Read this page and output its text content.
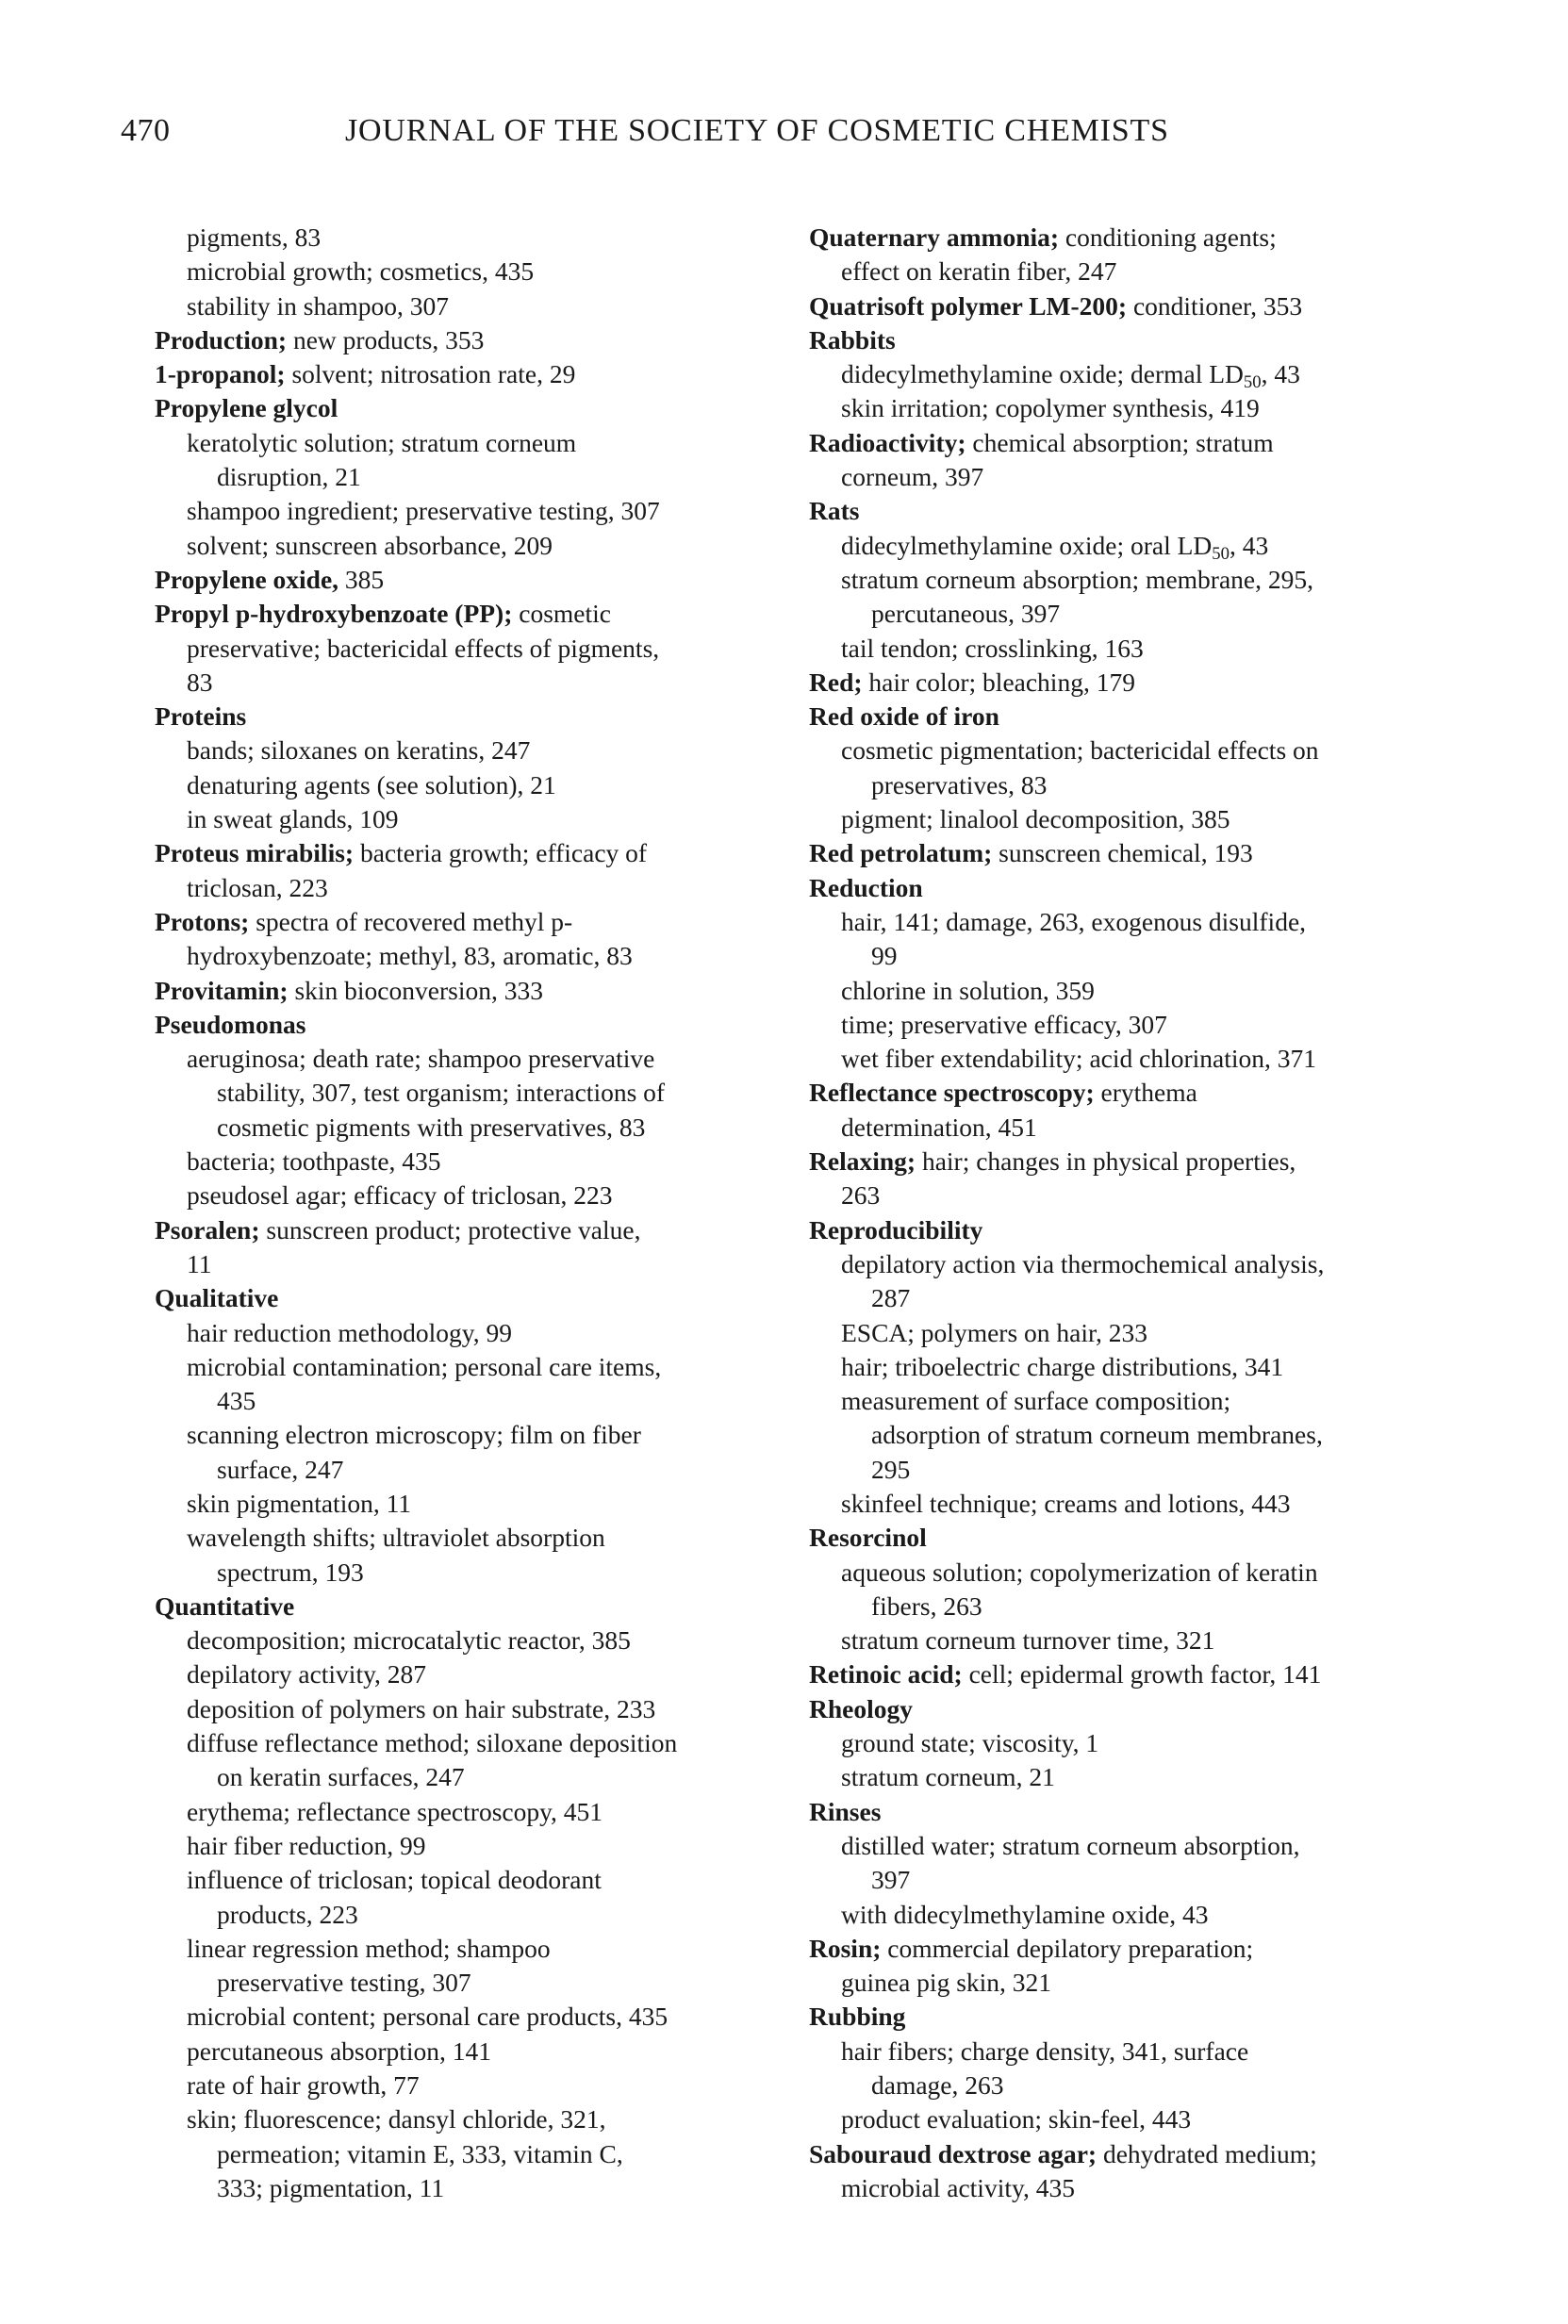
470	JOURNAL OF THE SOCIETY OF COSMETIC CHEMISTS
pigments, 83
microbial growth; cosmetics, 435
stability in shampoo, 307
Production; new products, 353
1-propanol; solvent; nitrosation rate, 29
Propylene glycol
keratolytic solution; stratum corneum
disruption, 21
shampoo ingredient; preservative testing, 307
solvent; sunscreen absorbance, 209
Propylene oxide, 385
Propyl p-hydroxybenzoate (PP); cosmetic
preservative; bactericidal effects of pigments,
83
Proteins
bands; siloxanes on keratins, 247
denaturing agents (see solution), 21
in sweat glands, 109
Proteus mirabilis; bacteria growth; efficacy of
triclosan, 223
Protons; spectra of recovered methyl p-
hydroxybenzoate; methyl, 83, aromatic, 83
Provitamin; skin bioconversion, 333
Pseudomonas
aeruginosa; death rate; shampoo preservative
stability, 307, test organism; interactions of
cosmetic pigments with preservatives, 83
bacteria; toothpaste, 435
pseudosel agar; efficacy of triclosan, 223
Psoralen; sunscreen product; protective value,
11
Qualitative
hair reduction methodology, 99
microbial contamination; personal care items,
435
scanning electron microscopy; film on fiber
surface, 247
skin pigmentation, 11
wavelength shifts; ultraviolet absorption
spectrum, 193
Quantitative
decomposition; microcatalytic reactor, 385
depilatory activity, 287
deposition of polymers on hair substrate, 233
diffuse reflectance method; siloxane deposition
on keratin surfaces, 247
erythema; reflectance spectroscopy, 451
hair fiber reduction, 99
influence of triclosan; topical deodorant
products, 223
linear regression method; shampoo
preservative testing, 307
microbial content; personal care products, 435
percutaneous absorption, 141
rate of hair growth, 77
skin; fluorescence; dansyl chloride, 321,
permeation; vitamin E, 333, vitamin C,
333; pigmentation, 11
Quaternary ammonia; conditioning agents;
effect on keratin fiber, 247
Quatrisoft polymer LM-200; conditioner, 353
Rabbits
didecylmethylamine oxide; dermal $LD_{50}$, 43
skin irritation; copolymer synthesis, 419
Radioactivity; chemical absorption; stratum
corneum, 397
Rats
didecylmethylamine oxide; oral $LD_{50}$, 43
stratum corneum absorption; membrane, 295,
percutaneous, 397
tail tendon; crosslinking, 163
Red; hair color; bleaching, 179
Red oxide of iron
cosmetic pigmentation; bactericidal effects on
preservatives, 83
pigment; linalool decomposition, 385
Red petrolatum; sunscreen chemical, 193
Reduction
hair, 141; damage, 263, exogenous disulfide,
99
chlorine in solution, 359
time; preservative efficacy, 307
wet fiber extendability; acid chlorination, 371
Reflectance spectroscopy; erythema
determination, 451
Relaxing; hair; changes in physical properties,
263
Reproducibility
depilatory action via thermochemical analysis,
287
ESCA; polymers on hair, 233
hair; triboelectric charge distributions, 341
measurement of surface composition;
adsorption of stratum corneum membranes,
295
skinfeel technique; creams and lotions, 443
Resorcinol
aqueous solution; copolymerization of keratin
fibers, 263
stratum corneum turnover time, 321
Retinoic acid; cell; epidermal growth factor, 141
Rheology
ground state; viscosity, 1
stratum corneum, 21
Rinses
distilled water; stratum corneum absorption,
397
with didecylmethylamine oxide, 43
Rosin; commercial depilatory preparation;
guinea pig skin, 321
Rubbing
hair fibers; charge density, 341, surface
damage, 263
product evaluation; skin-feel, 443
Sabouraud dextrose agar; dehydrated medium;
microbial activity, 435
